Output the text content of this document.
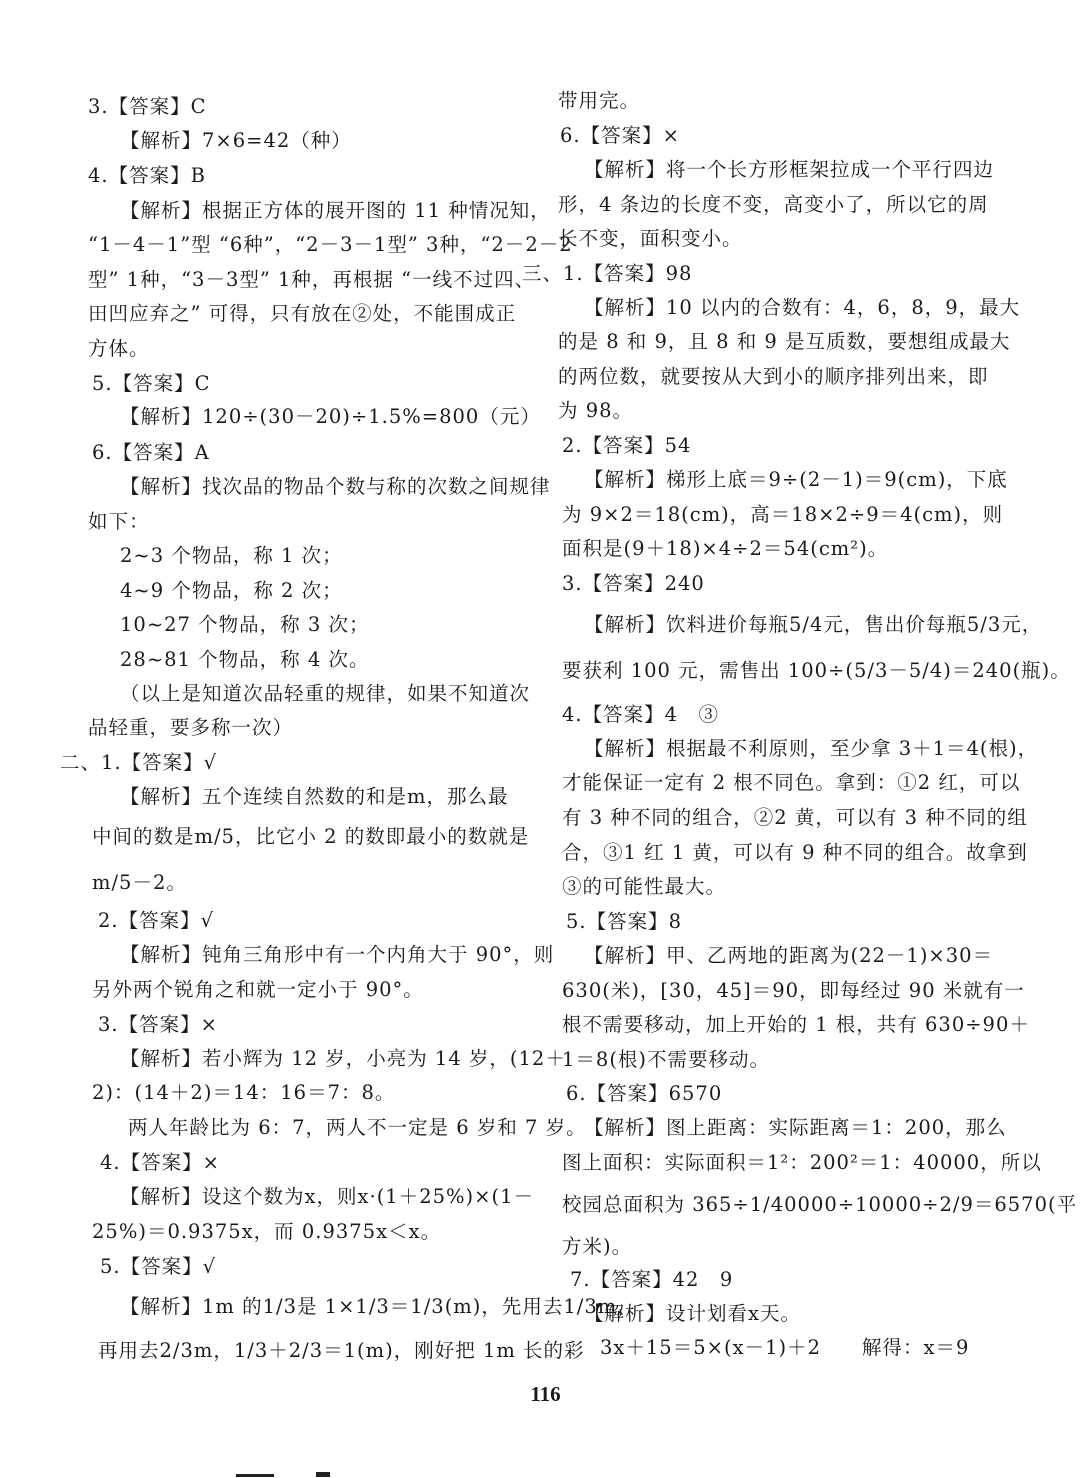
3.【答案】C
【解析】7×6=42（种）
4.【答案】B
【解析】根据正方体的展开图的 11 种情况知，
“1－4－1”型 “6种”，“2－3－1型” 3种，“2－2－2
型” 1种，“3－3型” 1种，再根据 “一线不过四、
田凹应弃之” 可得，只有放在②处，不能围成正
方体。
5.【答案】C
【解析】120÷(30－20)÷1.5%=800（元）
6.【答案】A
【解析】找次品的物品个数与称的次数之间规律
如下：
2~3 个物品，称 1 次；
4~9 个物品，称 2 次；
10~27 个物品，称 3 次；
28~81 个物品，称 4 次。
（以上是知道次品轻重的规律，如果不知道次
品轻重，要多称一次）
二、1.【答案】√
【解析】五个连续自然数的和是m，那么最
中间的数是m/5，比它小 2 的数即最小的数就是
m/5－2。
2.【答案】√
【解析】钝角三角形中有一个内角大于 90°，则
另外两个锐角之和就一定小于 90°。
3.【答案】×
【解析】若小辉为 12 岁，小亮为 14 岁，(12＋
2)：(14＋2)＝14：16＝7：8。
两人年龄比为 6：7，两人不一定是 6 岁和 7 岁。
4.【答案】×
【解析】设这个数为x，则x·(1＋25%)×(1－
25%)＝0.9375x，而 0.9375x＜x。
5.【答案】√
【解析】1m 的1/3是 1×1/3＝1/3(m)，先用去1/3m，
再用去2/3m，1/3＋2/3＝1(m)，刚好把 1m 长的彩
带用完。
6.【答案】×
【解析】将一个长方形框架拉成一个平行四边
形，4 条边的长度不变，高变小了，所以它的周
长不变，面积变小。
三、1.【答案】98
【解析】10 以内的合数有：4，6，8，9，最大
的是 8 和 9，且 8 和 9 是互质数，要想组成最大
的两位数，就要按从大到小的顺序排列出来，即
为 98。
2.【答案】54
【解析】梯形上底＝9÷(2－1)＝9(cm)，下底
为 9×2＝18(cm)，高＝18×2÷9＝4(cm)，则
面积是(9＋18)×4÷2＝54(cm²)。
3.【答案】240
【解析】饮料进价每瓶5/4元，售出价每瓶5/3元，
要获利 100 元，需售出 100÷(5/3－5/4)＝240(瓶)。
4.【答案】4　③
【解析】根据最不利原则，至少拿 3＋1＝4(根)，
才能保证一定有 2 根不同色。拿到：①2 红，可以
有 3 种不同的组合，②2 黄，可以有 3 种不同的组
合，③1 红 1 黄，可以有 9 种不同的组合。故拿到
③的可能性最大。
5.【答案】8
【解析】甲、乙两地的距离为(22－1)×30＝
630(米)，[30，45]＝90，即每经过 90 米就有一
根不需要移动，加上开始的 1 根，共有 630÷90＋
1＝8(根)不需要移动。
6.【答案】6570
【解析】图上距离：实际距离＝1：200，那么
图上面积：实际面积＝1²：200²＝1：40000，所以
校园总面积为 365÷1/40000÷10000÷2/9＝6570(平
方米)。
7.【答案】42　9
【解析】设计划看x天。
3x＋15＝5×(x－1)＋2　　解得：x＝9
116
